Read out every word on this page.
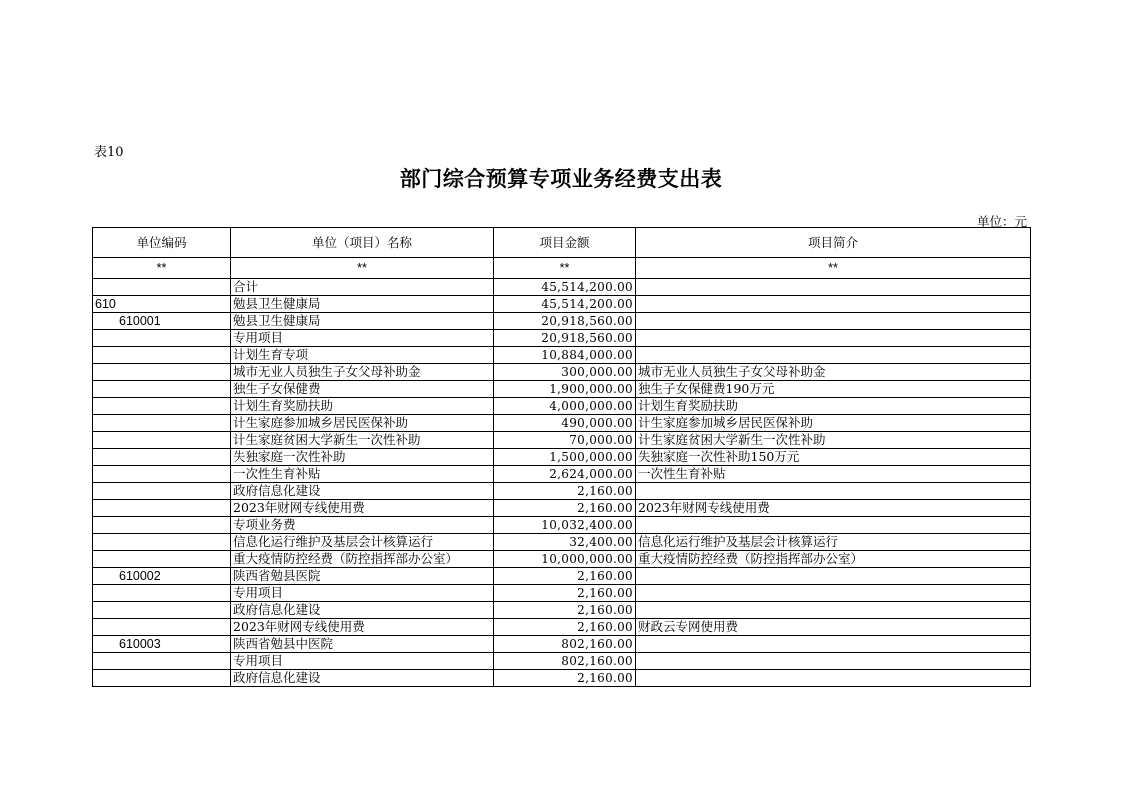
表10
部门综合预算专项业务经费支出表
单位：元
单位编码	单位（项目）名称	项目金额	项目简介
**	**	**	**
	合计	45,514,200.00	
610	勉县卫生健康局	45,514,200.00	
610001	勉县卫生健康局	20,918,560.00	
	专用项目	20,918,560.00	
	计划生育专项	10,884,000.00	
	城市无业人员独生子女父母补助金	300,000.00	城市无业人员独生子女父母补助金
	独生子女保健费	1,900,000.00	独生子女保健费190万元
	计划生育奖励扶助	4,000,000.00	计划生育奖励扶助
	计生家庭参加城乡居民医保补助	490,000.00	计生家庭参加城乡居民医保补助
	计生家庭贫困大学新生一次性补助	70,000.00	计生家庭贫困大学新生一次性补助
	失独家庭一次性补助	1,500,000.00	失独家庭一次性补助150万元
	一次性生育补贴	2,624,000.00	一次性生育补贴
	政府信息化建设	2,160.00	
	2023年财网专线使用费	2,160.00	2023年财网专线使用费
	专项业务费	10,032,400.00	
	信息化运行维护及基层会计核算运行	32,400.00	信息化运行维护及基层会计核算运行
	重大疫情防控经费（防控指挥部办公室）	10,000,000.00	重大疫情防控经费（防控指挥部办公室）
610002	陕西省勉县医院	2,160.00	
	专用项目	2,160.00	
	政府信息化建设	2,160.00	
	2023年财网专线使用费	2,160.00	财政云专网使用费
610003	陕西省勉县中医院	802,160.00	
	专用项目	802,160.00	
	政府信息化建设	2,160.00	
